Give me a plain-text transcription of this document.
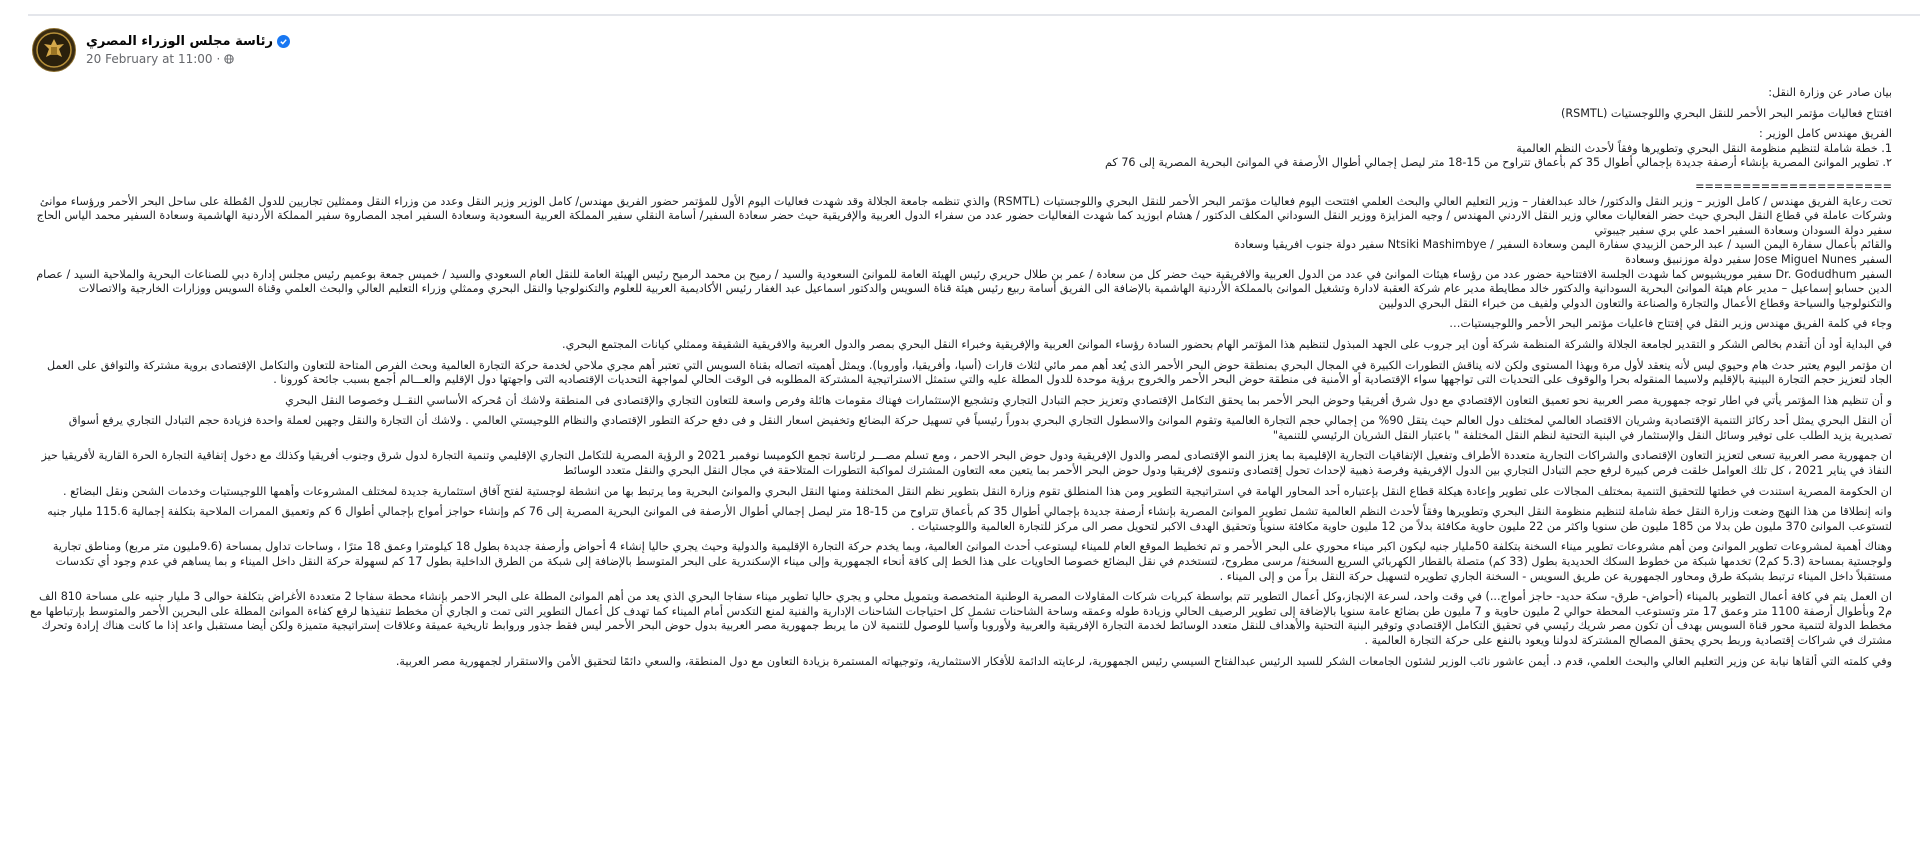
رئاسة مجلس الوزراء المصري
20 February at 11:00 ·

بيان صادر عن وزارة النقل:

افتتاح فعاليات مؤتمر البحر الأحمر للنقل البحري واللوجستيات (RSMTL)

الفريق مهندس كامل الوزير :

1. خطة شاملة لتنظيم منظومة النقل البحري وتطويرها وفقاً لأحدث النظم العالمية

٢. تطوير الموانئ المصرية بإنشاء أرصفة جديدة بإجمالي أطوال 35 كم بأعماق تتراوح من 15-18 متر ليصل إجمالي أطوال الأرصفة في الموانئ البحرية المصرية إلى 76 كم

=====================

تحت رعاية الفريق مهندس / كامل الوزير – وزير النقل والدكتور/ خالد عبدالغفار – وزير التعليم العالي والبحث العلمي افتتحت اليوم فعاليات مؤتمر البحر الأحمر للنقل البحري واللوجستيات (RSMTL) والذي تنظمه جامعة الجلالة وقد شهدت فعاليات اليوم الأول للمؤتمر حضور الفريق مهندس/ كامل الوزير وزير النقل وعدد من وزراء النقل وممثلين تجاريين للدول المُطلة على ساحل البحر الأحمر ورؤساء موانئ وشركات عاملة في قطاع النقل البحري حيث حضر الفعاليات معالي وزير النقل الاردني المهندس / وجيه المزايزة ووزير النقل السوداني المكلف الدكتور / هشام ابوزيد كما شهدت الفعاليات حضور عدد من سفراء الدول العربية والإفريقية حيث حضر سعادة السفير/ أسامة النقلي سفير المملكة العربية السعودية وسعادة السفير امجد المصاروة سفير المملكة الأردنية الهاشمية وسعادة السفير محمد الياس الحاج سفير دولة السودان وسعادة السفير احمد علي بري سفير جيبوتي

والقائم بأعمال سفارة اليمن السيد / عبد الرحمن الزبيدي سفارة اليمن وسعادة السفير / Ntsiki Mashimbye سفير دولة جنوب افريقيا وسعادة

السفير Jose Miguel Nunes سفير دولة موزنبيق وسعادة

السفير Dr. Godudhum سفير موريشيوس كما شهدت الجلسة الافتتاحية حضور عدد من رؤساء هيئات الموانئ في عدد من الدول العربية والافريقية حيث حضر كل من سعادة / عمر بن طلال حريري رئيس الهيئة العامة للموانئ السعودية والسيد / رميح بن محمد الرميح رئيس الهيئة العامة للنقل العام السعودي والسيد / خميس جمعة بوعميم رئيس مجلس إدارة دبي للصناعات البحرية والملاحية السيد / عصام الدين حسابو إسماعيل – مدير عام هيئة الموانئ البحرية السودانية والدكتور خالد مطايطة مدير عام شركة العقبة لادارة وتشغيل الموانئ بالمملكة الأردنية الهاشمية بالإضافة الى الفريق أسامة ربيع رئيس هيئة قناة السويس والدكتور اسماعيل عبد الغفار رئيس الأكاديمية العربية للعلوم والتكنولوجيا والنقل البحري وممثلي وزراء التعليم العالي والبحث العلمي وقناة السويس ووزارات الخارجية والاتصالات والتكنولوجيا والسياحة وقطاع الأعمال والتجارة والصناعة والتعاون الدولي ولفيف من خبراء النقل البحري الدوليين

وجاء في كلمة الفريق مهندس وزير النقل في إفتتاح فاعليات مؤتمر البحر الأحمر واللوجيستيات…

في البداية أود أن أتقدم بخالص الشكر و التقدير لجامعة الجلالة والشركة المنظمة شركة أون اير جروب على الجهد المبذول لتنظيم هذا المؤتمر الهام بحضور السادة رؤساء الموانئ العربية والإفريقية وخبراء النقل البحري بمصر والدول العربية والافريقية الشقيقة وممثلي كيانات المجتمع البحري.

ان مؤتمر اليوم يعتبر حدث هام وحيوي ليس لأنه ينعقد لأول مرة وبهذا المستوى ولكن لانه يناقش التطورات الكبيرة في المجال البحري بمنطقة حوض البحر الأحمر الذى يُعد أهم ممر مائي لثلاث قارات (أسيا، وأفريقيا، وأوروبا). ويمثل أهميته اتصاله بقناة السويس التي تعتبر أهم مجري ملاحي لخدمة حركة التجارة العالمية وبحث الفرص المتاحة للتعاون والتكامل الإقتصادى بروية مشتركة والتوافق على العمل الجاد لتعزيز حجم التجارة البينية بالإقليم ولاسيما المنقوله بحرا والوقوف على التحديات التى تواجهها سواء الإقتصادية أو الأمنية فى منطقة حوض البحر الأحمر والخروج برؤية موحدة للدول المطلة عليه والتي ستمثل الاستراتيجية المشتركة المطلوبه فى الوقت الحالي لمواجهة التحديات الإقتصاديه التى واجهتها دول الإقليم والعـــالم أجمع بسبب جائحة كورونا .

و أن تنظيم هذا المؤتمر يأتي في اطار توجه جمهورية مصر العربية نحو تعميق التعاون الإقتصادي مع دول شرق أفريقيا وحوض البحر الأحمر بما يحقق التكامل الإقتصادي وتعزيز حجم التبادل التجاري وتشجيع الإستثمارات فهناك مقومات هائلة وفرص واسعة للتعاون التجاري والإقتصادى فى المنطقة ولاشك أن مُحركه الأساسي النقــل وخصوصا النقل البحري

أن النقل البحري يمثل أحد ركائز التنمية الإقتصادية وشريان الاقتصاد العالمي لمختلف دول العالم حيث يتقل 90% من إجمالي حجم التجارة العالمية وتقوم الموانئ والاسطول التجاري البحري بدوراً رئيسياً في تسهيل حركة البضائع وتخفيض اسعار النقل و فى دفع حركة التطور الإقتصادي والنظام اللوجيستي العالمي . ولاشك أن التجارة والنقل وجهين لعملة واحدة فزيادة حجم التبادل التجاري يرفع أسواق تصديرية يزيد الطلب على توفير وسائل النقل والإستثمار في البنية التحتية لنظم النقل المختلفة " باعتبار النقل الشريان الرئيسي للتنمية"

ان جمهورية مصر العربية تسعى لتعزيز التعاون الإقتصادى والشراكات التجارية متعددة الأطراف وتفعيل الإتفاقيات التجارية الإقليمية بما يعزز النمو الإقتصادى لمصر والدول الإفريقية ودول حوض البحر الاحمر ، ومع تسلم مصـــر لرئاسة تجمع الكوميسا نوفمبر 2021 و الرؤية المصرية للتكامل التجاري الإقليمي وتنمية التجارة لدول شرق وجنوب أفريقيا وكذلك مع دخول إتفاقية التجارة الحرة القارية لأفريقيا حيز النفاذ في يناير 2021 ، كل تلك العوامل خلقت فرص كبيرة لرفع حجم التبادل التجاري بين الدول الإفريقية وفرصة ذهبية لإحداث تحول إقتصادى وتنموى لإفريقيا ودول حوض البحر الأحمر بما يتعين معه التعاون المشترك لمواكبة التطورات المتلاحقة في مجال النقل البحري والنقل متعدد الوسائط

ان الحكومة المصرية استندت في خطتها للتحقيق التنمية بمختلف المجالات على تطوير وإعادة هيكلة قطاع النقل بإعتباره أحد المحاور الهامة في استراتيجية التطوير ومن هذا المنطلق تقوم وزارة النقل بتطوير نظم النقل المختلفة ومنها النقل البحري والموانئ البحرية وما يرتبط بها من انشطة لوجستية لفتح آفاق استثمارية جديدة لمختلف المشروعات وأهمها اللوجيستيات وخدمات الشحن ونقل البضائع .

وانه إنطلاقا من هذا النهج وضعت وزارة النقل خطة شاملة لتنظيم منظومة النقل البحري وتطويرها وفقاً لأحدث النظم العالمية تشمل تطوير الموانئ المصرية بإنشاء أرصفة جديدة بإجمالي أطوال 35 كم بأعماق تتراوح من 15-18 متر ليصل إجمالي أطوال الأرصفة فى الموانئ البحرية المصرية إلى 76 كم وإنشاء حواجز أمواج بإجمالي أطوال 6 كم وتعميق الممرات الملاحية بتكلفة إجمالية 115.6 مليار جنيه لتستوعب الموانئ 370 مليون طن بدلا من 185 مليون طن سنويا واكثر من 22 مليون حاوية مكافئة بدلاً من 12 مليون حاوية مكافئة سنوياً وتحقيق الهدف الاكبر لتحويل مصر الى مركز للتجارة العالمية واللوجستيات .

وهناك أهمية لمشروعات تطوير الموانئ ومن أهم مشروعات تطوير ميناء السخنة بتكلفة 50مليار جنيه ليكون اكبر ميناء محوري على البحر الأحمر و تم تخطيط الموقع العام للميناء ليستوعب أحدث الموانئ العالمية، وبما يخدم حركة التجارة الإقليمية والدولية وحيث يجري حاليا إنشاء 4 أحواض وأرصفة جديدة بطول 18 كيلومترا وعمق 18 مترًا ، وساحات تداول بمساحة (9.6مليون متر مربع) ومناطق تجارية ولوجستية بمساحة (5.3 كم2) تخدمها شبكة من خطوط السكك الحديدية بطول (33 كم) متصلة بالقطار الكهربائي السريع السخنة/ مرسى مطروح، لتستخدم في نقل البضائع خصوصا الحاويات على هذا الخط إلى كافة أنحاء الجمهورية وإلى ميناء الإسكندرية على البحر المتوسط بالإضافة إلى شبكة من الطرق الداخلية بطول 17 كم لسهولة حركة النقل داخل الميناء و بما يساهم في عدم وجود أي تكدسات مستقبلاً داخل الميناء ترتبط بشبكة طرق ومحاور الجمهورية عن طريق السويس - السخنة الجاري تطويره لتسهيل حركة النقل براً من و إلى الميناء .

ان العمل يتم في كافة أعمال التطوير بالميناء (أحواض- طرق- سكة حديد- حاجز أمواج...) في وقت واحد، لسرعة الإنجاز،وكل أعمال التطوير تتم بواسطة كبريات شركات المقاولات المصرية الوطنية المتخصصة وبتمويل محلي و يجري حاليا تطوير ميناء سفاجا البحري الذي يعد من أهم الموانئ المطلة على البحر الاحمر بإنشاء محطة سفاجا 2 متعددة الأغراض بتكلفة حوالى 3 مليار جنيه على مساحة 810 الف م2 وبأطوال أرصفة 1100 متر وعمق 17 متر وتستوعب المحطة حوالي 2 مليون حاوية و 7 مليون طن بضائع عامة سنويا بالإضافة إلى تطوير الرصيف الحالي وزيادة طوله وعمقه وساحة الشاحنات تشمل كل احتياجات الشاحنات الإدارية والفنية لمنع التكدس أمام الميناء كما تهدف كل أعمال التطوير التى تمت و الجاري أن مخطط تنفيذها لرفع كفاءة الموانئ المطلة على البحرين الأحمر والمتوسط بإرتباطها مع مخطط الدولة لتنمية محور قناة السويس بهدف أن تكون مصر شريك رئيسي في تحقيق التكامل الإقتصادي وتوفير البنية التحتية والأهداف للنقل متعدد الوسائط لخدمة التجارة الإفريقية والعربية ولأوروبا وآسيا للوصول للتنمية لان ما يربط جمهورية مصر العربية بدول حوض البحر الأحمر ليس فقط جذور وروابط تاريخية عميقة وعلاقات إستراتيجية متميزة ولكن أيضا مستقبل واعد إذا ما كانت هناك إرادة وتحرك مشترك في شراكات إقتصادية وربط بحري يحقق المصالح المشتركة لدولنا ويعود بالنفع على حركة التجارة العالمية .

وفي كلمته التي ألقاها نيابة عن وزير التعليم العالي والبحث العلمي، قدم د. أيمن عاشور نائب الوزير لشئون الجامعات الشكر للسيد الرئيس عبدالفتاح السيسي رئيس الجمهورية، لرعايته الدائمة للأفكار الاستثمارية، وتوجيهاته المستمرة بزيادة التعاون مع دول المنطقة، والسعي دائمًا لتحقيق الأمن والاستقرار لجمهورية مصر العربية.
